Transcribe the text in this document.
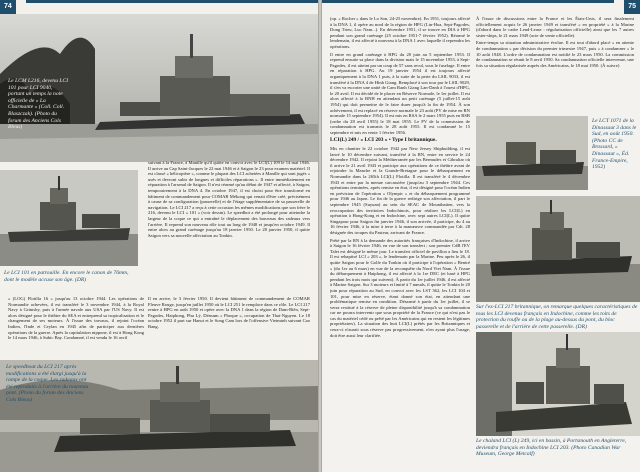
74
Le LCM L216, devenu LCI 101 pour LCI 9040, portant un temps la note officielle de « La Charmante » (Coll. Coll. Blaszczak). (Photo du forum des Anciens Cols Bleus)
Le LCI 101 en patrouille. En encore le canon de 76mm, dont le modèle accuse son âge. (DR)

suivant à la France, à Manille qu'il quitte en convoi avec le LCI(L) 109 le 14 mai 1946. Il arrive au Cap Saint-Jacques le 22 mai 1946 et à Saigon le 23 pour examen matériel. Il est classé « hélicoptère », comme le plupart des LCI achetées à Manille qui sont jugés « usés et devront subir de longues et difficiles réparations ». Il entre immédiatement en réparation à l'arsenal de Saigon. Il n'est réarmé qu'au début de 1947 et affecté, à Saigon, temporairement à la DNA 4. En octobre 1947, il est choisi pour être transformé en bâtiment de commandement pour COMAR Mékong qui venait d'être créé, précisément à cause de sa configuration (passerelle) et de l'étage supplémentaire de sa passerelle de navigation. Le LCI 217 a reçu à cette occasion les mêmes modifications que son frère le 216, devenu le LCI « 101 » (voir dessin). Le speedbot a été prolongé pour atteindre la largeur de la coque ce qui a entraîné le déplacement des barceaux des radeaux vers l'arrière. Il reprend son nouveau rôle tout au long de 1948 et jusqu'en octobre 1949. Il entre alors au grand carénage jusqu'au 18 janvier 1950. Le 28 janvier 1950, il quitte Saigon vers sa nouvelle affectation au Tonkin.

« (LOG) Flotilla 16 » jusqu'au 13 octobre 1944. Les opérations de Normandie achevées, il est transféré le 3 novembre 1944, à la Royal Navy à Grimsby, puis à l'armée navale aux USA par l'US Navy. Il est alors désigné pour le théâtre du SEA et entreprend sa tropicalisation et le changement de ses moteurs. À l'issue des travaux, il rejoint l'océan Indien, l'Inde et Ceylan en 1945 afin de participer aux dernières opérations de la guerre. Après la capitulation nippone, il est à Hong Kong le 14 mars 1946, à Subic Bay. Condamné, il est vendu le 16 avril

Il en arrive, le 3 février 1950. Il devient bâtiment de commandement de COMAR Fleuve Rouge, jusqu'en juillet 1950 où le LCI 251 le remplace dans ce rôle. Le LCI 217 rentre à HPG en août 1950 et opère avec la DNA 1 dans la région de Dam-Biên, Sept-Pagodes, Haiphong, Phu Lý, Dénsum « Phoque », occupation de Thai-Nguyen. Le 18 octobre 1952 il part sur Hanoi et le Song Cam lors de l'offensive Vietminh suivant Cao Bang.

Le speedboat du LCI 217 après modifications a été élargi jusqu'à la rampe de la coque. Les radeaux ont été reproduits à l'arrière du nouveau pont. (Photo du forum des Anciens Cols Bleus)
75

(op. « Rocher » dans le Lo Son, 24-25 novembre). En 1951, toujours affecté à la DNA 1, il opère au nord de la région de HPG (Lin-Hoa, Sept-Pagodes, Dong Trieu, Luc Nam...). En décembre 1951, il se trouve en DIA à HPG pendant son grand carénage (25 octobre 1951-7 février 1952). Réarmé le lendemain, il est affecté à nouveau à la DNA 1 avec laquelle il reprendra les opérations.

Il entre en grand carénage à HPG du 20 juin au 5 septembre 1953. Il reprend ensuite sa place dans la division mais le 15 novembre 1953, à Sept-Pagodes, il est atteint par un coup de 57 sans recul, sous le fuselage. Il entre en réparation à HPG. Au 19 janvier 1954 il est toujours affecté organiquement à la DNA 1 puis, à la suite de la perte du LSIL 9033, il est transféré à la DNA 4 de Hình Giang. Remplacé à son tour par le LSIL 9029, il s'en va escorter une unité de Cam Ranh Giang Lan-Danh à l'ouest d'HPG, le 20 avril. Il est décidé de le placer en Réserve Normale, le 1er juillet. Il est alors affecté à la BNH en attendant un petit carénage (5 juillet-15 août 1954) qui doit permettre de le faire durer jusqu'à la fin de 1954. À son achèvement, il est replacé en réserve normale le 23 août (PV de mise en RN normale 15 septembre 1954). Il est mis en RSA le 2 mars 1955 puis en RSB (ordre du 28 avril 1955) le 18 mai 1955. Le PV de la commission de condamnation est transmis le 28 août 1955. Il est condamné le 15 septembre et mis en vente 1 février 1956.

LCI(L) 249 / « LCI 203 » • Type I britannique.

Mis en chantier le 22 octobre 1942 par New Jersey Shipbuilding, il est lancé le 10 décembre suivant, transféré à la RN, entre en service le 24 décembre 1942. Il rejoint la Méditerranée par les Bermudes et Gibraltar où il arrive le 21 avril 1943 et participe aux opérations de ce théâtre avant de rejoindre la Manche et la Grande-Bretagne pour le débarquement en Normandie dans la 265th LCI(L) Flotilla. Il est transféré le 4 décembre 1943 et entre par la menue carcassière (jusqu'au 3 septembre 1944. Ces opérations terminées, après remise en état, il est désigné pour l'océan Indien en prévision de l'opération « Olympic » et du débarquement programmé pour 1946 au Japon. Le fin de la guerre redirige son affectation, il part le septembre 1945 (Suyuan) au sein du SEAC de Mountbatten, vers la reoccupation des territoires Indochinois, pour réaliser les LCI(L) en opération à Hong-Kong et en Indochine, avec sept autres LCI(L). Il quitte Singapour pour Saigon fin janvier 1946, il son arrivée, il participe, du 4 au 16 février 1946, à la mise à terre à la manœuvre commandée par Cdt. 28 désignée des troupes du Pasteur, arrivant de France.

Prêté par la RN à la demande des autorités françaises d'Indochine, il arrive à Saigon le 16 février 1946, en vue de son transfert ; son premier CdB l'EV Talet est désigné le même jour. Le transfert officiel de pavillon a lieu le 18. Il est rebaptisé LCI « 203 », le lendemain par la Marine. Peu après le 26, il quitte Saigon pour le Golfe du Tonkin où il participe à l'opération « Bentré » (du 1er au 6 mars) en vue de la reconquête du Nord Viet Nam. À l'issue du débarquement à Haiphong, il est affecté à la 1re DEC (et basé à HPG pendant les trois mois qui suivent). À partir du 1er juillet 1946, il est affecté à Marine Saigon. Sur 3 moteurs et limité à 7 nœuds, il quitte le Tonkin le 20 juin pour réparation au Sud, en convoi avec les LST 362, les LCI 104 et 101, pour mise en réserve, étant donné son état, en attendant une problématique remise en condition. Désarmé à partir du 1er juillet, il se verra restitué à la réserve de pleine disponibilité jusqu'à sa condamnation car ne pourra intervenir que sous propriété de la France (ce qui n'est pas le cas du matériel cédé ou prêté par les Américains qui en restent les légitimes propriétaires). La situation des huit LCI(L) prêtés par les Britanniques et ceux-ci n'aurait sous réserve pas progressivement, n'en ayant plus l'usage, doit être aussi leur clarifiée.

À l'issue de discussions entre la France et les États-Unis, il sera finalement officiellement acquis le 26 janvier 1949 et transféré « en propriété » à la Marine (d'abord dans le cadre Lend-Lease : régularisation officielle) ainsi que les 7 autres sister-ships, le 21 mars 1949 (acte de vente officielle).

Entre-temps sa situation administrative évolue. Il est tout d'abord placé « en attente de condamnation » par décision du premier trimestre 1947, puis « à condamner » le 10 août 1948. L'ordre de condamnation est notifié le 23 mars 1950. La commission de condamnation se réunit le 8 avril 1950. Sa condamnation officielle intervenue, une fois sa situation régularisée auprès des Américains, le 18 mai 1950. (À suivre)

Le LCT 1071 de la Dinassaut 3 dans le Sud, en août 1950. (Photo CC de Brossard, « Dinassaut », Éd. France-Empire, 1952)
Sur l'ex-LCI 217 britannique, on remarque quelques caractéristiques de tous les LCI devenus français en Indochine, comme les toits de protection du roufle ou de la plage au-dessus du pont, du bloc passerelle et de l'arrière de cette passerelle. (DR)
Le chaland LCI (L) 249, ici en bassin, à Portsmouth en Angleterre, deviendra français en Indochine LCI 203. (Photo Canadian War Museum, George Metcalf)
